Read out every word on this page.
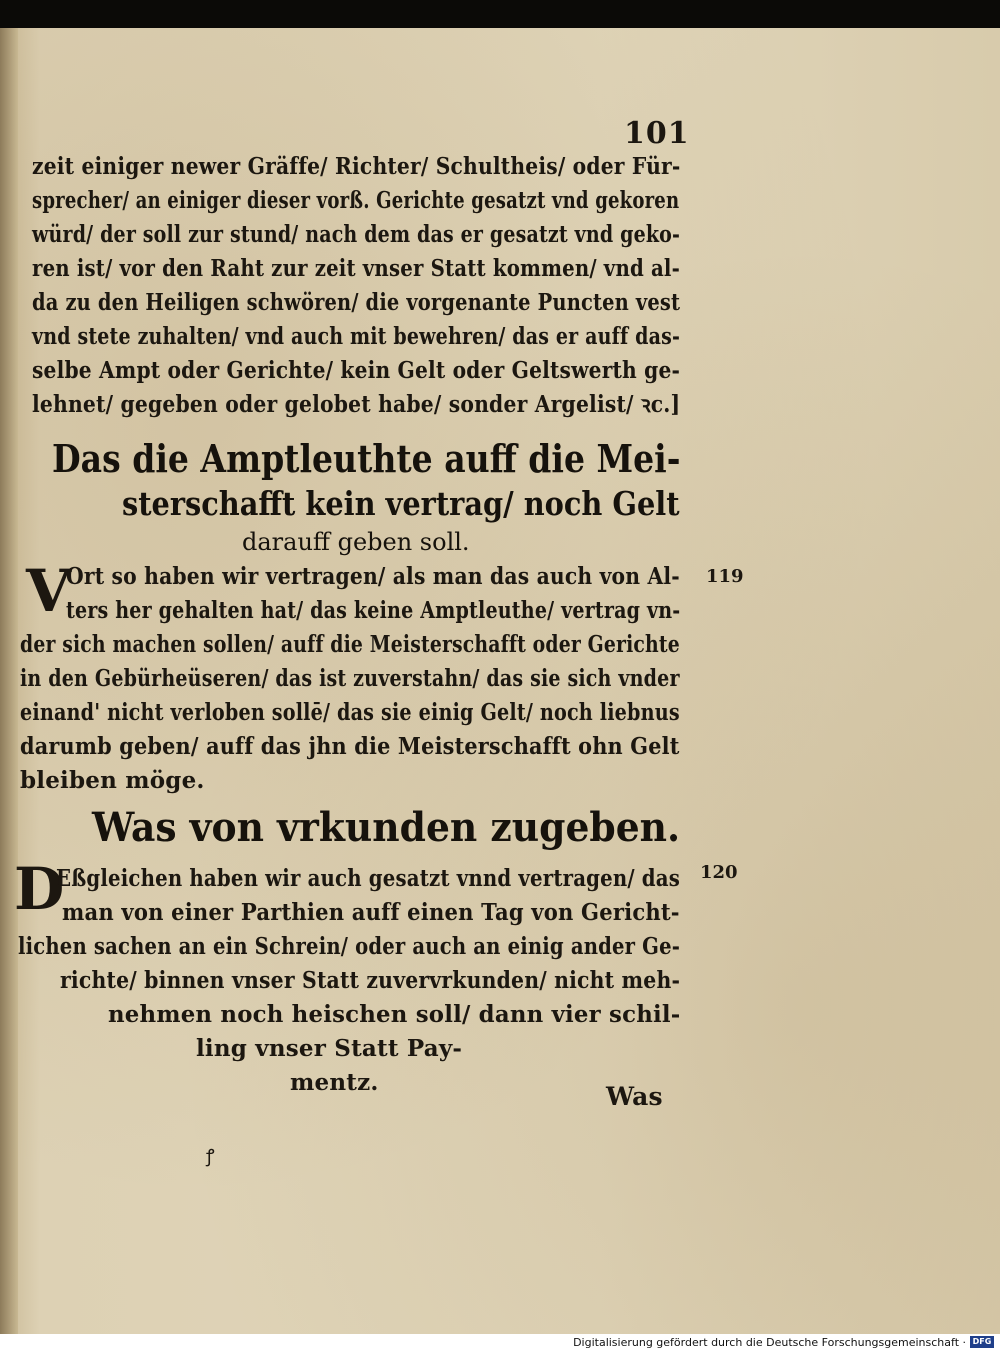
101
zeit einiger newer Gräffe/ Richter/ Schultheis/ oder Für-
sprecher/ an einiger dieser vorß. Gerichte gesatzt vnd gekoren
würd/ der soll zur stund/ nach dem das er gesatzt vnd geko-
ren ist/ vor den Raht zur zeit vnser Statt kommen/ vnd al-
da zu den Heiligen schwören/ die vorgenante Puncten vest
vnd stete zuhalten/ vnd auch mit bewehren/ das er auff das-
selbe Ampt oder Gerichte/ kein Gelt oder Geltswerth ge-
lehnet/ gegeben oder gelobet habe/ sonder Argelist/ ꝛc.]
Das die Amptleuthte auff die Mei-
sterschafft kein vertrag/ noch Gelt
darauff geben soll.
V	119
Ort so haben wir vertragen/ als man das auch von Al-
ters her gehalten hat/ das keine Amptleuthe/ vertrag vn-
der sich machen sollen/ auff die Meisterschafft oder Gerichte
in den Gebürheüseren/ das ist zuverstahn/ das sie sich vnder
einand' nicht verloben sollē/ das sie einig Gelt/ noch liebnus
darumb geben/ auff das jhn die Meisterschafft ohn Gelt
bleiben möge.
Was von vrkunden zugeben.
D	120
Eßgleichen haben wir auch gesatzt vnnd vertragen/ das
man von einer Parthien auff einen Tag von Gericht-
lichen sachen an ein Schrein/ oder auch an einig ander Ge-
richte/ binnen vnser Statt zuvervrkunden/ nicht meh-
nehmen noch heischen soll/ dann vier schil-
ling vnser Statt Pay-
mentz.	Was
ꝭ
Digitalisierung gefördert durch die Deutsche Forschungsgemeinschaft · DFG
